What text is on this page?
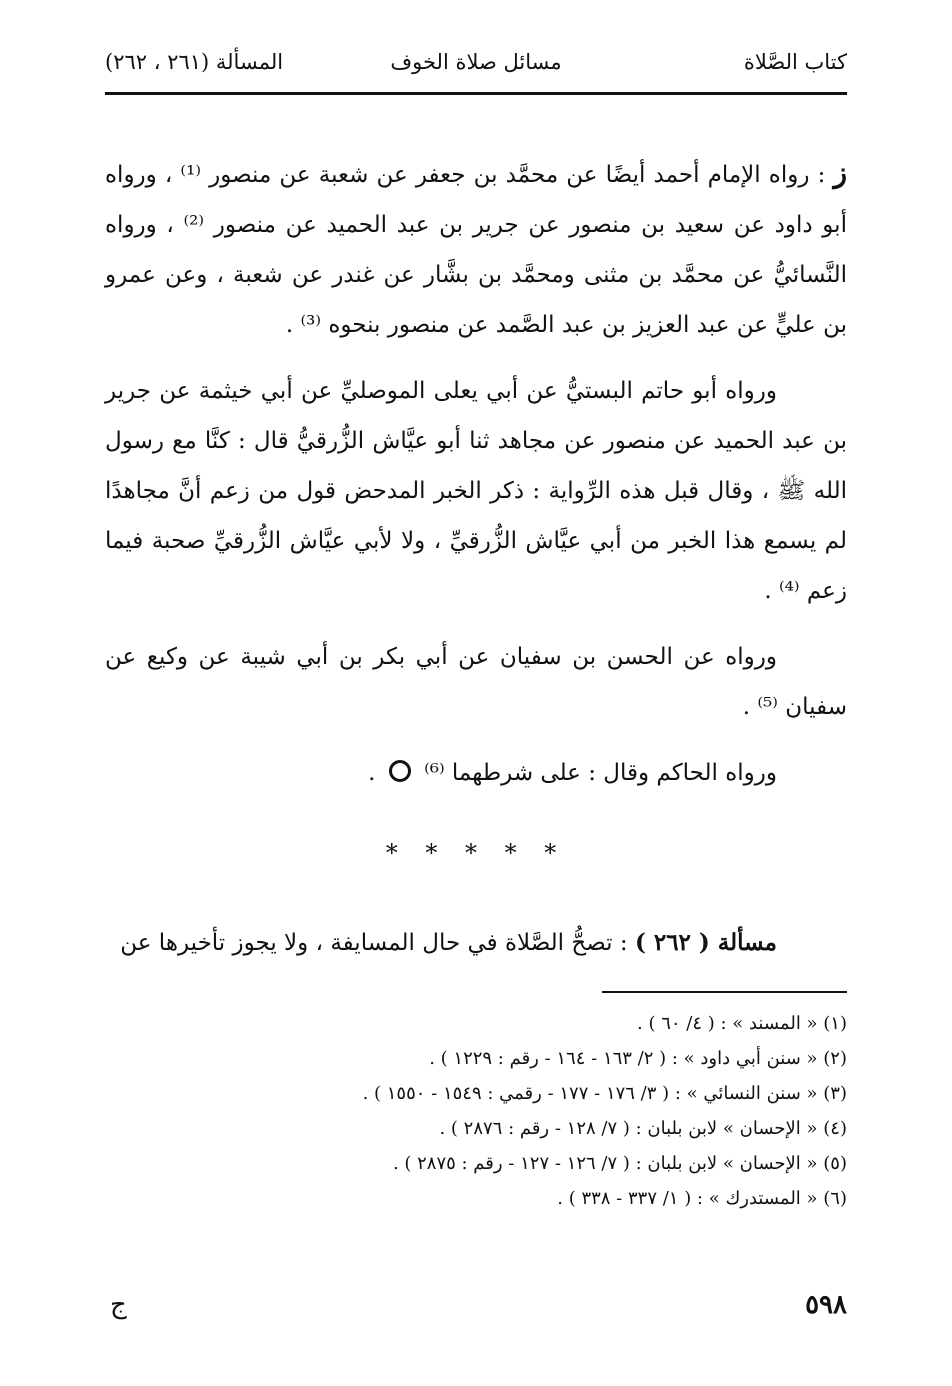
كتاب الصَّلاة
مسائل صلاة الخوف
المسألة (٢٦١ ، ٢٦٢)

ز : رواه الإمام أحمد أيضًا عن محمَّد بن جعفر عن شعبة عن منصور ⁽¹⁾ ، ورواه أبو داود عن سعيد بن منصور عن جرير بن عبد الحميد عن منصور ⁽²⁾ ، ورواه النَّسائيُّ عن محمَّد بن مثنى ومحمَّد بن بشَّار عن غندر عن شعبة ، وعن عمرو بن عليٍّ عن عبد العزيز بن عبد الصَّمد عن منصور بنحوه ⁽³⁾ .

ورواه أبو حاتم البستيُّ عن أبي يعلى الموصليِّ عن أبي خيثمة عن جرير بن عبد الحميد عن منصور عن مجاهد ثنا أبو عيَّاش الزُّرقيُّ قال : كنَّا مع رسول الله ﷺ ، وقال قبل هذه الرِّواية : ذكر الخبر المدحض قول من زعم أنَّ مجاهدًا لم يسمع هذا الخبر من أبي عيَّاش الزُّرقيِّ ، ولا لأبي عيَّاش الزُّرقيِّ صحبة فيما زعم ⁽⁴⁾ .

ورواه عن الحسن بن سفيان عن أبي بكر بن أبي شيبة عن وكيع عن سفيان ⁽⁵⁾ .

ورواه الحاكم وقال : على شرطهما ⁽⁶⁾  .

* * * * *

مسألة ( ٢٦٢ ) : تصحُّ الصَّلاة في حال المسايفة ، ولا يجوز تأخيرها عن

(١) « المسند » : ( ٤/ ٦٠ ) .
(٢) « سنن أبي داود » : ( ٢/ ١٦٣ - ١٦٤ - رقم : ١٢٢٩ ) .
(٣) « سنن النسائي » : ( ٣/ ١٧٦ - ١٧٧ - رقمي : ١٥٤٩ - ١٥٥٠ ) .
(٤) « الإحسان » لابن بلبان : ( ٧/ ١٢٨ - رقم : ٢٨٧٦ ) .
(٥) « الإحسان » لابن بلبان : ( ٧/ ١٢٦ - ١٢٧ - رقم : ٢٨٧٥ ) .
(٦) « المستدرك » : ( ١/ ٣٣٧ - ٣٣٨ ) .
٥٩٨
ج
